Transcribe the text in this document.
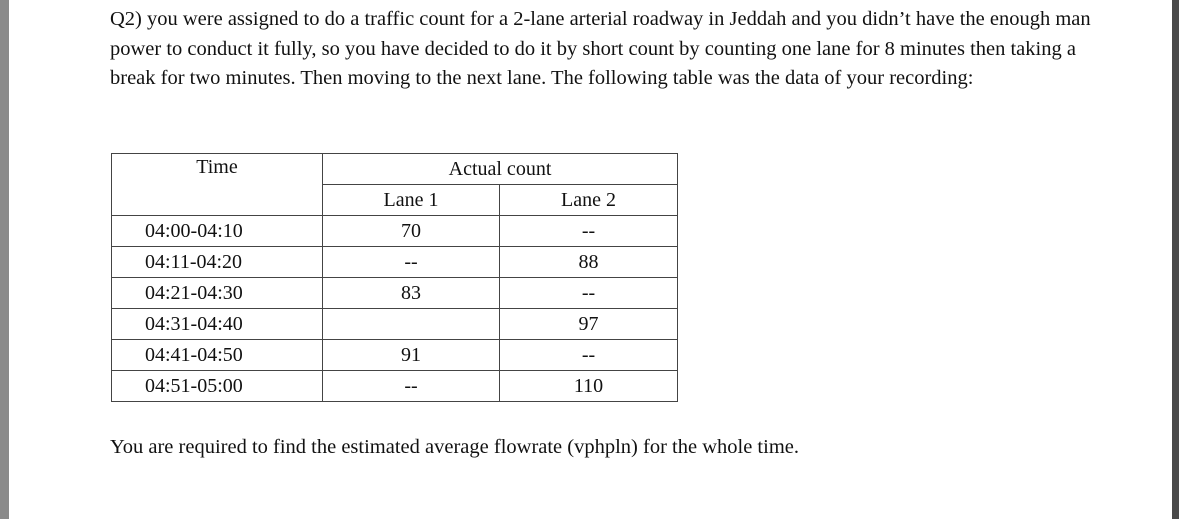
Q2) you were assigned to do a traffic count for a 2-lane arterial roadway in Jeddah and you didn’t have the enough man power to conduct it fully, so you have decided to do it by short count by counting one lane for 8 minutes then taking a break for two minutes. Then moving to the next lane. The following table was the data of your recording:

Time	Actual count	
	Lane 1	Lane 2
04:00-04:10	70	--
04:11-04:20	--	88
04:21-04:30	83	--
04:31-04:40		97
04:41-04:50	91	--
04:51-05:00	--	110

You are required to find the estimated average flowrate (vphpln) for the whole time.
